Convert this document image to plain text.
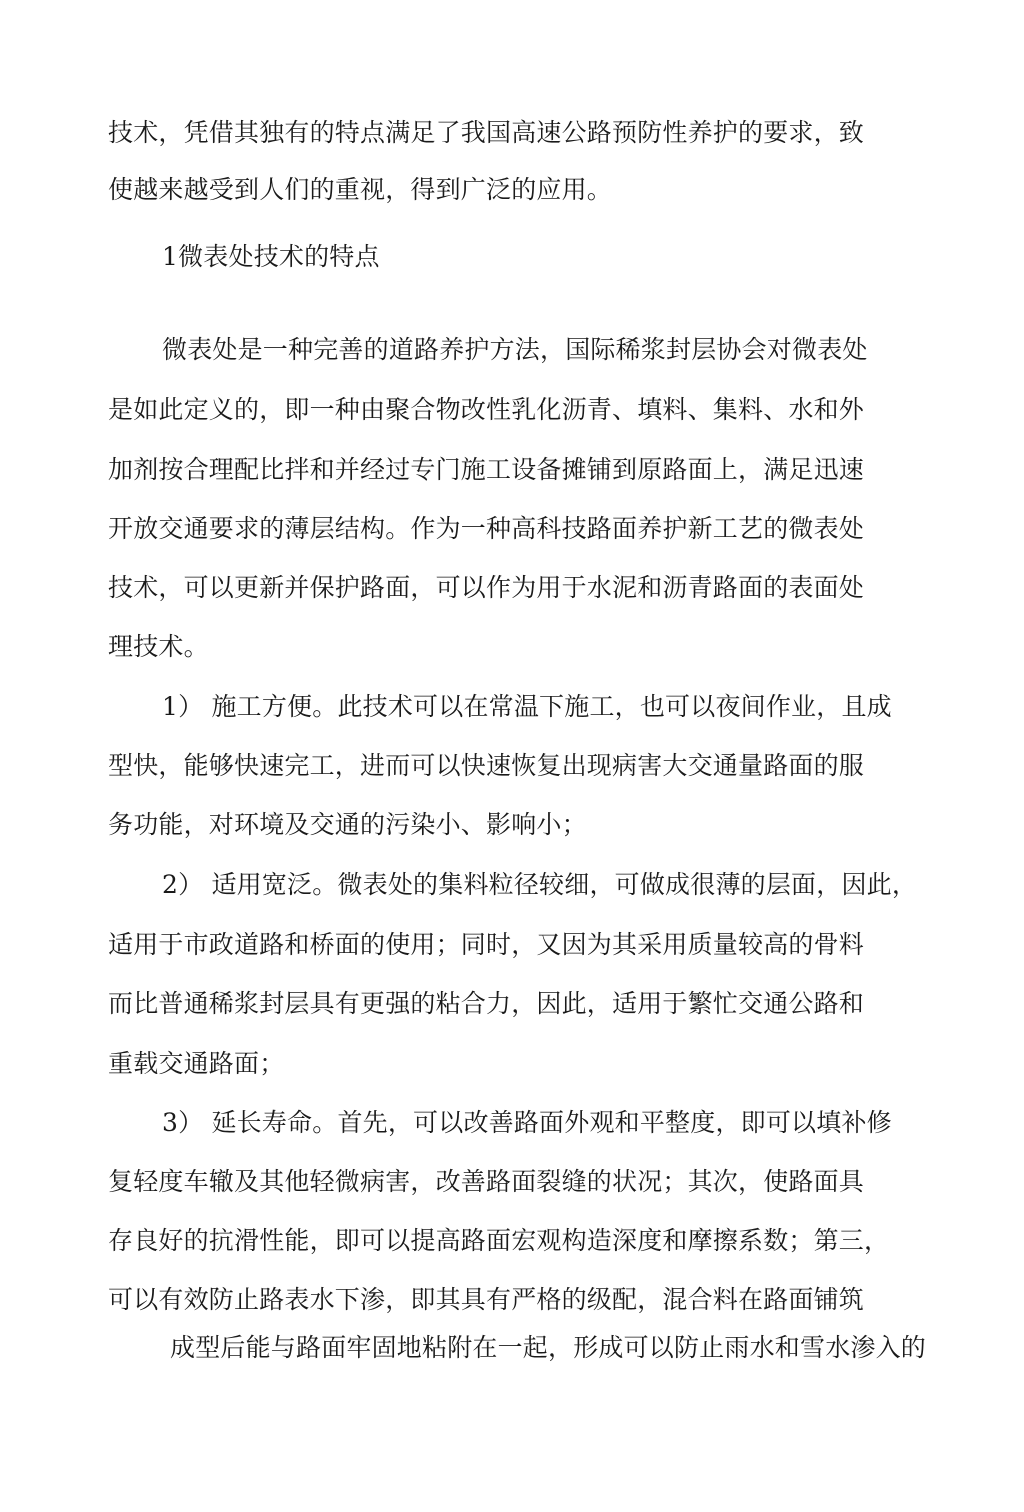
技术，凭借其独有的特点满足了我国高速公路预防性养护的要求，致
使越来越受到人们的重视，得到广泛的应用。
1微表处技术的特点
微表处是一种完善的道路养护方法，国际稀浆封层协会对微表处
是如此定义的，即一种由聚合物改性乳化沥青、填料、集料、水和外
加剂按合理配比拌和并经过专门施工设备摊铺到原路面上，满足迅速
开放交通要求的薄层结构。作为一种高科技路面养护新工艺的微表处
技术，可以更新并保护路面，可以作为用于水泥和沥青路面的表面处
理技术。
1） 施工方便。此技术可以在常温下施工，也可以夜间作业，且成
型快，能够快速完工，进而可以快速恢复出现病害大交通量路面的服
务功能，对环境及交通的污染小、影响小；
2） 适用宽泛。微表处的集料粒径较细，可做成很薄的层面，因此，
适用于市政道路和桥面的使用；同时，又因为其采用质量较高的骨料
而比普通稀浆封层具有更强的粘合力，因此，适用于繁忙交通公路和
重载交通路面；
3） 延长寿命。首先，可以改善路面外观和平整度，即可以填补修
复轻度车辙及其他轻微病害，改善路面裂缝的状况；其次，使路面具
存良好的抗滑性能，即可以提高路面宏观构造深度和摩擦系数；第三，
可以有效防止路表水下渗，即其具有严格的级配，混合料在路面铺筑
成型后能与路面牢固地粘附在一起，形成可以防止雨水和雪水渗入的
